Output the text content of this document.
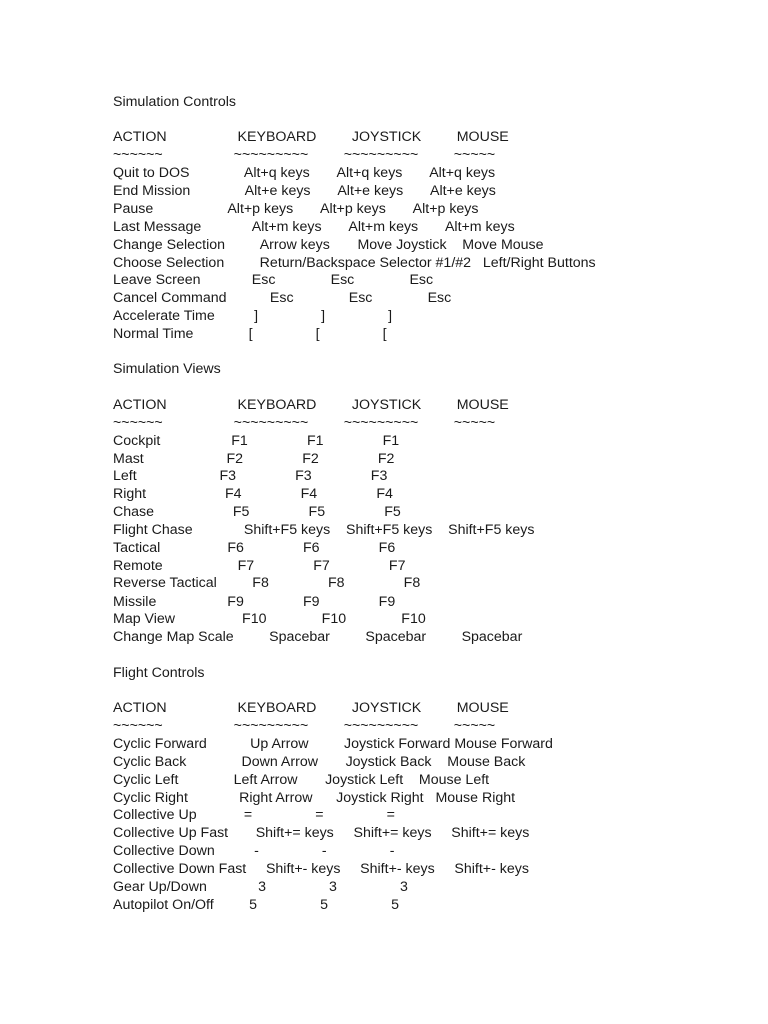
Simulation Controls
ACTION                  KEYBOARD         JOYSTICK         MOUSE
~~~~~~                  ~~~~~~~~~         ~~~~~~~~~         ~~~~~
Quit to DOS              Alt+q keys       Alt+q keys       Alt+q keys
End Mission              Alt+e keys       Alt+e keys       Alt+e keys
Pause                   Alt+p keys       Alt+p keys       Alt+p keys
Last Message             Alt+m keys       Alt+m keys       Alt+m keys
Change Selection         Arrow keys       Move Joystick    Move Mouse
Choose Selection         Return/Backspace Selector #1/#2   Left/Right Buttons
Leave Screen             Esc              Esc              Esc
Cancel Command           Esc              Esc              Esc
Accelerate Time          ]                ]                ]
Normal Time              [                [                [
Simulation Views
ACTION                  KEYBOARD         JOYSTICK         MOUSE
~~~~~~                  ~~~~~~~~~         ~~~~~~~~~         ~~~~~
Cockpit                  F1               F1               F1
Mast                     F2               F2               F2
Left                     F3               F3               F3
Right                    F4               F4               F4
Chase                    F5               F5               F5
Flight Chase             Shift+F5 keys    Shift+F5 keys    Shift+F5 keys
Tactical                 F6               F6               F6
Remote                   F7               F7               F7
Reverse Tactical         F8               F8               F8
Missile                  F9               F9               F9
Map View                 F10              F10              F10
Change Map Scale         Spacebar         Spacebar         Spacebar
Flight Controls
ACTION                  KEYBOARD         JOYSTICK         MOUSE
~~~~~~                  ~~~~~~~~~         ~~~~~~~~~         ~~~~~
Cyclic Forward           Up Arrow         Joystick Forward Mouse Forward
Cyclic Back              Down Arrow       Joystick Back    Mouse Back
Cyclic Left              Left Arrow       Joystick Left    Mouse Left
Cyclic Right             Right Arrow      Joystick Right   Mouse Right
Collective Up            =                =                =
Collective Up Fast       Shift+= keys     Shift+= keys     Shift+= keys
Collective Down          -                -                -
Collective Down Fast     Shift+- keys     Shift+- keys     Shift+- keys
Gear Up/Down             3                3                3
Autopilot On/Off         5                5                5
